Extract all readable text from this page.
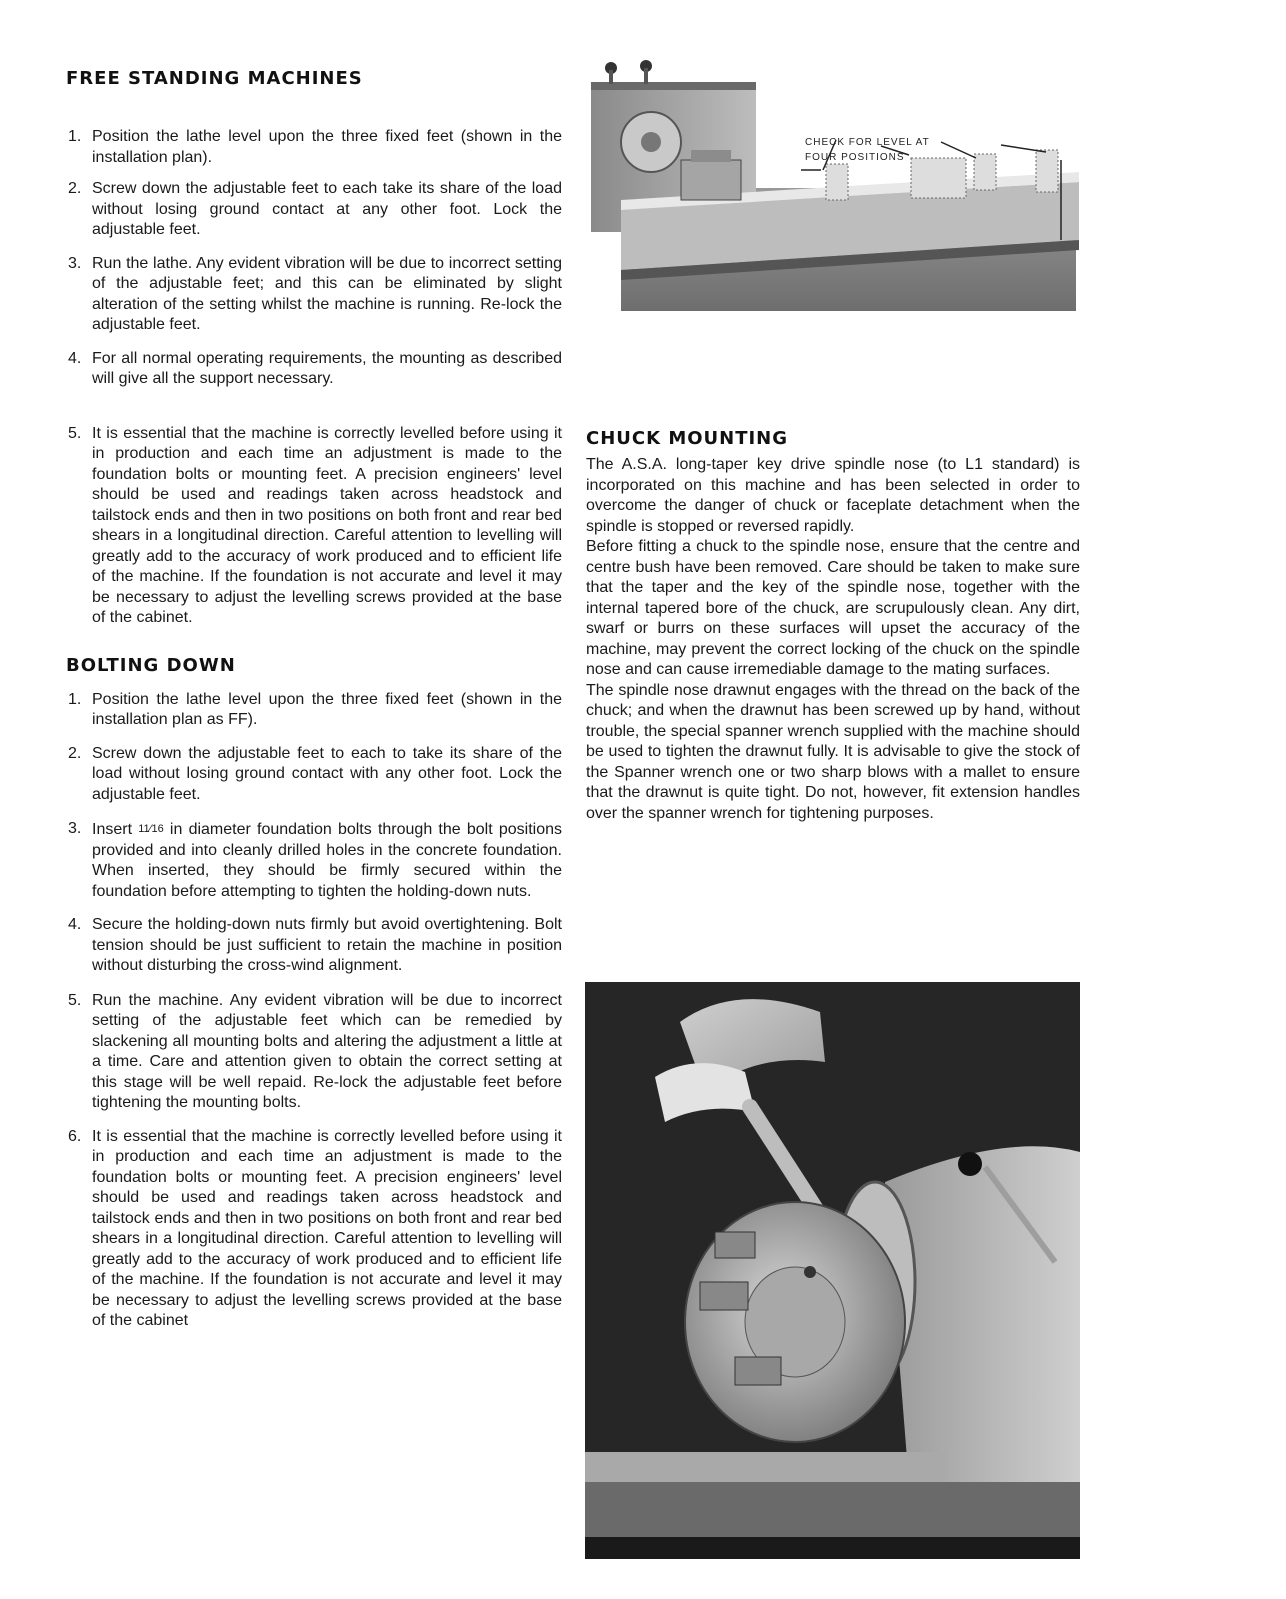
FREE STANDING MACHINES
1. Position the lathe level upon the three fixed feet (shown in the installation plan).
2. Screw down the adjustable feet to each take its share of the load without losing ground contact at any other foot. Lock the adjustable feet.
3. Run the lathe. Any evident vibration will be due to incorrect setting of the adjustable feet; and this can be eliminated by slight alteration of the setting whilst the machine is running. Re-lock the adjustable feet.
4. For all normal operating requirements, the mounting as described will give all the support necessary.
5. It is essential that the machine is correctly levelled before using it in production and each time an adjustment is made to the foundation bolts or mounting feet. A precision engineers' level should be used and readings taken across headstock and tailstock ends and then in two positions on both front and rear bed shears in a longitudinal direction. Careful attention to levelling will greatly add to the accuracy of work produced and to efficient life of the machine. If the foundation is not accurate and level it may be necessary to adjust the levelling screws provided at the base of the cabinet.
BOLTING DOWN
1. Position the lathe level upon the three fixed feet (shown in the installation plan as FF).
2. Screw down the adjustable feet to each to take its share of the load without losing ground contact with any other foot. Lock the adjustable feet.
3. Insert 11⁄16 in diameter foundation bolts through the bolt positions provided and into cleanly drilled holes in the concrete foundation. When inserted, they should be firmly secured within the foundation before attempting to tighten the holding-down nuts.
4. Secure the holding-down nuts firmly but avoid overtightening. Bolt tension should be just sufficient to retain the machine in position without disturbing the cross-wind alignment.
5. Run the machine. Any evident vibration will be due to incorrect setting of the adjustable feet which can be remedied by slackening all mounting bolts and altering the adjustment a little at a time. Care and attention given to obtain the correct setting at this stage will be well repaid. Re-lock the adjustable feet before tightening the mounting bolts.
6. It is essential that the machine is correctly levelled before using it in production and each time an adjustment is made to the foundation bolts or mounting feet. A precision engineers' level should be used and readings taken across headstock and tailstock ends and then in two positions on both front and rear bed shears in a longitudinal direction. Careful attention to levelling will greatly add to the accuracy of work produced and to efficient life of the machine. If the foundation is not accurate and level it may be necessary to adjust the levelling screws provided at the base of the cabinet
CHECK FOR LEVEL AT
FOUR POSITIONS
CHUCK MOUNTING

The A.S.A. long-taper key drive spindle nose (to L1 standard) is incorporated on this machine and has been selected in order to overcome the danger of chuck or faceplate detachment when the spindle is stopped or reversed rapidly.

Before fitting a chuck to the spindle nose, ensure that the centre and centre bush have been removed. Care should be taken to make sure that the taper and the key of the spindle nose, together with the internal tapered bore of the chuck, are scrupulously clean. Any dirt, swarf or burrs on these surfaces will upset the accuracy of the machine, may prevent the correct locking of the chuck on the spindle nose and can cause irremediable damage to the mating surfaces.

The spindle nose drawnut engages with the thread on the back of the chuck; and when the drawnut has been screwed up by hand, without trouble, the special spanner wrench supplied with the machine should be used to tighten the drawnut fully. It is advisable to give the stock of the Spanner wrench one or two sharp blows with a mallet to ensure that the drawnut is quite tight. Do not, however, fit extension handles over the spanner wrench for tightening purposes.
